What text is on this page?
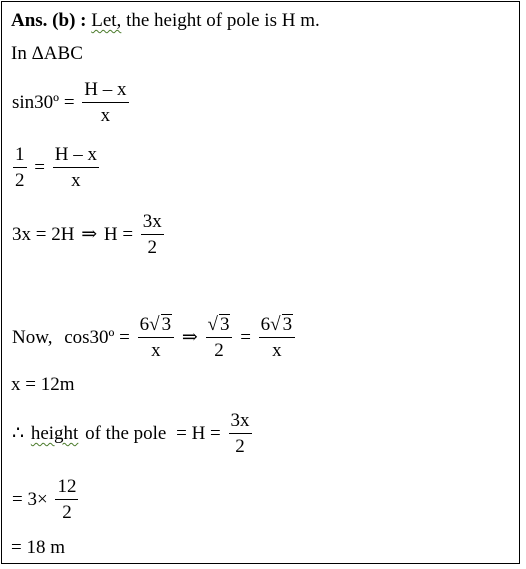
Ans. (b) : Let, the height of pole is H m.
In ΔABC
sin30º = $\frac{H - x}{x}$
$\frac{1}{2} = \frac{H - x}{x}$
3x = 2H ⇒ $H = \frac{3x}{2}$
Now, cos30º = $\frac{6√ 3}{x}$ ⇒ $\frac{√ 3}{2} = \frac{6√ 3}{x}$
x = 12m
∴ height of the pole = $H = \frac{3x}{2}$
= $3\times \frac{12}{2}$
= 18 m
